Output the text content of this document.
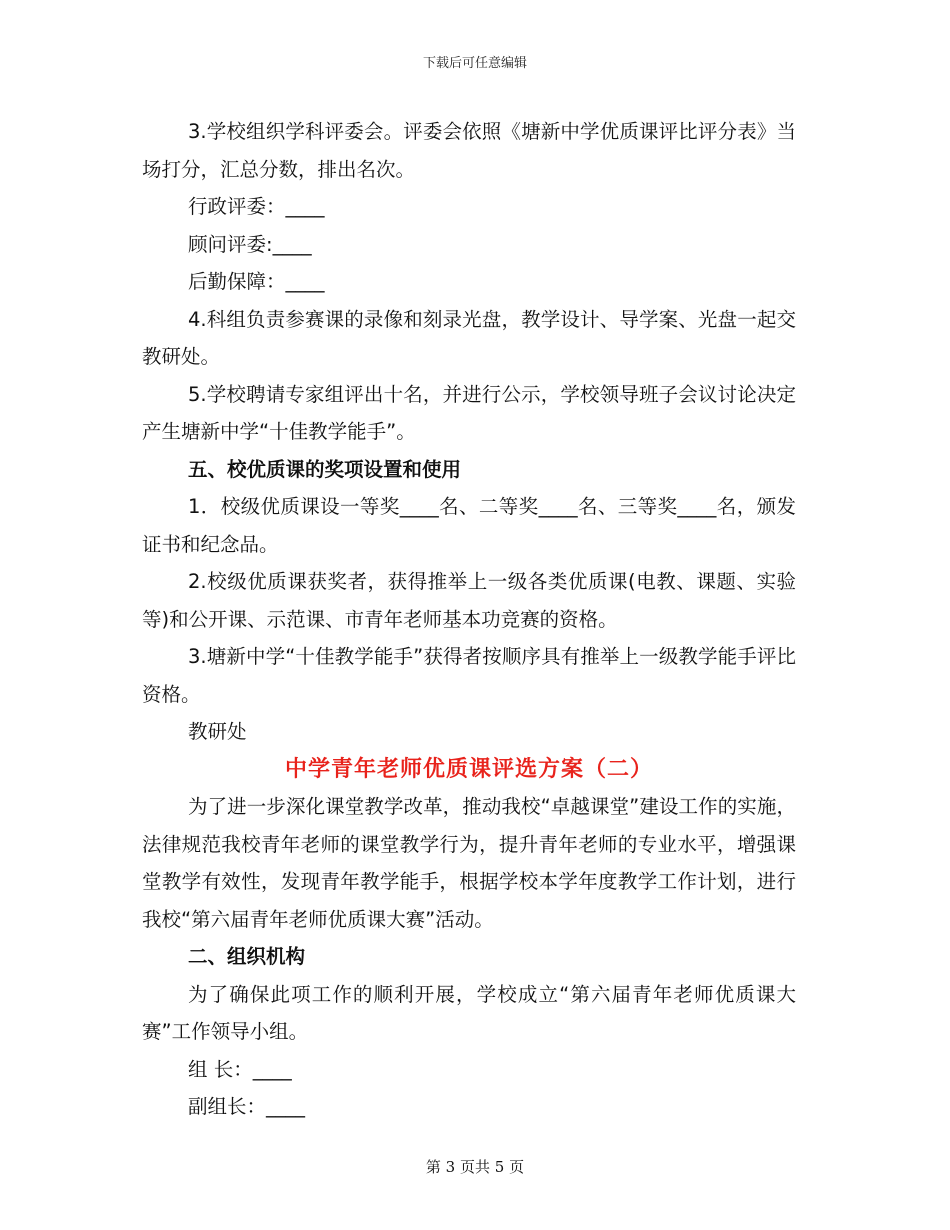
下载后可任意编辑

3.学校组织学科评委会。评委会依照《塘新中学优质课评比评分表》当场打分，汇总分数，排出名次。

行政评委：____

顾问评委:____

后勤保障：____

4.科组负责参赛课的录像和刻录光盘，教学设计、导学案、光盘一起交教研处。

5.学校聘请专家组评出十名，并进行公示，学校领导班子会议讨论决定产生塘新中学“十佳教学能手”。

五、校优质课的奖项设置和使用

1．校级优质课设一等奖____名、二等奖____名、三等奖____名，颁发证书和纪念品。

2.校级优质课获奖者，获得推举上一级各类优质课(电教、课题、实验等)和公开课、示范课、市青年老师基本功竞赛的资格。

3.塘新中学“十佳教学能手”获得者按顺序具有推举上一级教学能手评比资格。

教研处

中学青年老师优质课评选方案（二）

为了进一步深化课堂教学改革，推动我校“卓越课堂”建设工作的实施，法律规范我校青年老师的课堂教学行为，提升青年老师的专业水平，增强课堂教学有效性，发现青年教学能手，根据学校本学年度教学工作计划，进行我校“第六届青年老师优质课大赛”活动。

二、组织机构

为了确保此项工作的顺利开展，学校成立“第六届青年老师优质课大赛”工作领导小组。

组 长：____

副组长：____

第 3 页共 5 页
